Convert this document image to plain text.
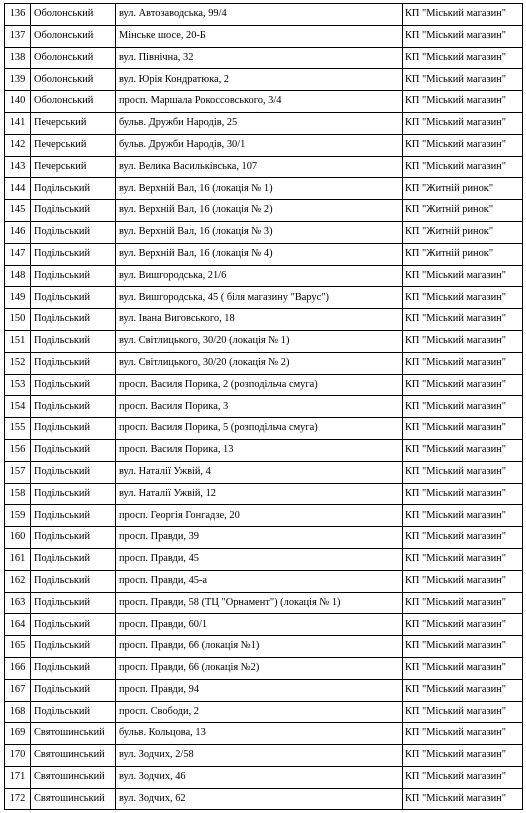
136	Оболонський	вул. Автозаводська, 99/4	КП "Міський магазин"
137	Оболонський	Мінське шосе, 20-Б	КП "Міський магазин"
138	Оболонський	вул. Північна, 32	КП "Міський магазин"
139	Оболонський	вул. Юрія Кондратюка, 2	КП "Міський магазин"
140	Оболонський	просп. Маршала Рокоссовського, 3/4	КП "Міський магазин"
141	Печерський	бульв. Дружби Народів, 25	КП "Міський магазин"
142	Печерський	бульв. Дружби Народів, 30/1	КП "Міський магазин"
143	Печерський	вул. Велика Васильківська, 107	КП "Міський магазин"
144	Подільський	вул. Верхній Вал, 16 (локація № 1)	КП "Житній ринок"
145	Подільський	вул. Верхній Вал, 16 (локація № 2)	КП "Житній ринок"
146	Подільський	вул. Верхній Вал, 16 (локація № 3)	КП "Житній ринок"
147	Подільський	вул. Верхній Вал, 16 (локація № 4)	КП "Житній ринок"
148	Подільський	вул. Вишгородська, 21/6	КП "Міський магазин"
149	Подільський	вул. Вишгородська, 45 ( біля магазину "Варус")	КП "Міський магазин"
150	Подільський	вул. Івана Виговського, 18	КП "Міський магазин"
151	Подільський	вул. Світлицького, 30/20 (локація № 1)	КП "Міський магазин"
152	Подільський	вул. Світлицького, 30/20 (локація № 2)	КП "Міський магазин"
153	Подільський	просп. Василя Порика, 2 (розподільча смуга)	КП "Міський магазин"
154	Подільський	просп. Василя Порика, 3	КП "Міський магазин"
155	Подільський	просп. Василя Порика, 5 (розподільча смуга)	КП "Міський магазин"
156	Подільський	просп. Василя Порика, 13	КП "Міський магазин"
157	Подільський	вул. Наталії Ужвій, 4	КП "Міський магазин"
158	Подільський	вул. Наталії Ужвій, 12	КП "Міський магазин"
159	Подільський	просп. Георгія Гонгадзе, 20	КП "Міський магазин"
160	Подільський	просп. Правди, 39	КП "Міський магазин"
161	Подільський	просп. Правди, 45	КП "Міський магазин"
162	Подільський	просп. Правди, 45-а	КП "Міський магазин"
163	Подільський	просп. Правди, 58 (ТЦ "Орнамент") (локація № 1)	КП "Міський магазин"
164	Подільський	просп. Правди, 60/1	КП "Міський магазин"
165	Подільський	просп. Правди, 66 (локація №1)	КП "Міський магазин"
166	Подільський	просп. Правди, 66 (локація №2)	КП "Міський магазин"
167	Подільський	просп. Правди, 94	КП "Міський магазин"
168	Подільський	просп. Свободи, 2	КП "Міський магазин"
169	Святошинський	бульв. Кольцова, 13	КП "Міський магазин"
170	Святошинський	вул. Зодчих, 2/58	КП "Міський магазин"
171	Святошинський	вул. Зодчих, 46	КП "Міський магазин"
172	Святошинський	вул. Зодчих, 62	КП "Міський магазин"
